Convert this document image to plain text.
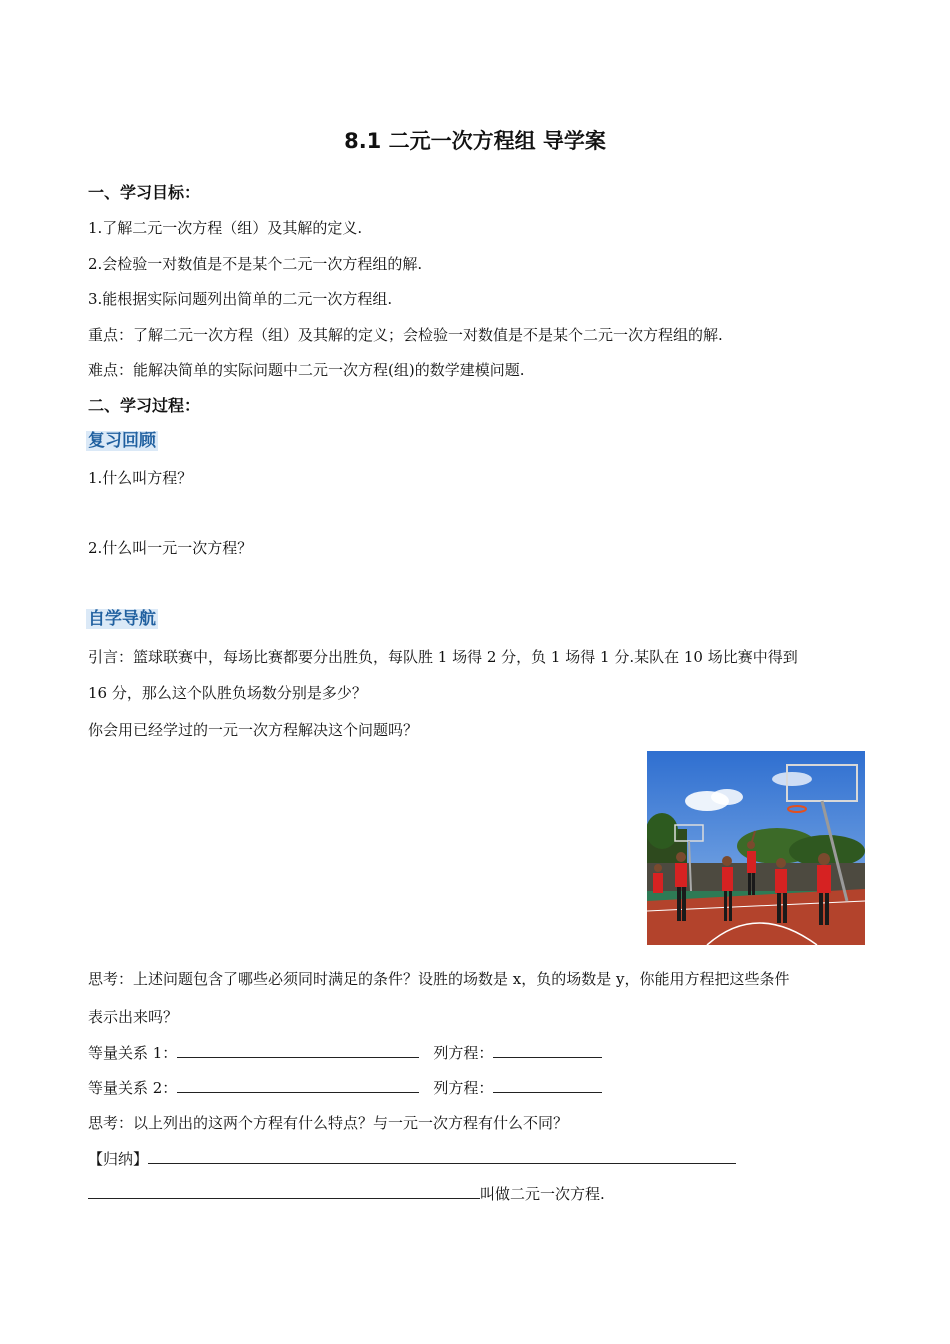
8.1 二元一次方程组 导学案
一、学习目标：
1.了解二元一次方程（组）及其解的定义.
2.会检验一对数值是不是某个二元一次方程组的解.
3.能根据实际问题列出简单的二元一次方程组.
重点：了解二元一次方程（组）及其解的定义；会检验一对数值是不是某个二元一次方程组的解.
难点：能解决简单的实际问题中二元一次方程(组)的数学建模问题.
二、学习过程：
复习回顾
1.什么叫方程？
2.什么叫一元一次方程？
自学导航
引言：篮球联赛中，每场比赛都要分出胜负，每队胜 1 场得 2 分，负 1 场得 1 分.某队在 10 场比赛中得到
16 分，那么这个队胜负场数分别是多少？
你会用已经学过的一元一次方程解决这个问题吗？
思考：上述问题包含了哪些必须同时满足的条件？设胜的场数是 x，负的场数是 y，你能用方程把这些条件
表示出来吗？
等量关系 1：	列方程：
等量关系 2：	列方程：
思考：以上列出的这两个方程有什么特点？与一元一次方程有什么不同？
【归纳】
叫做二元一次方程.
